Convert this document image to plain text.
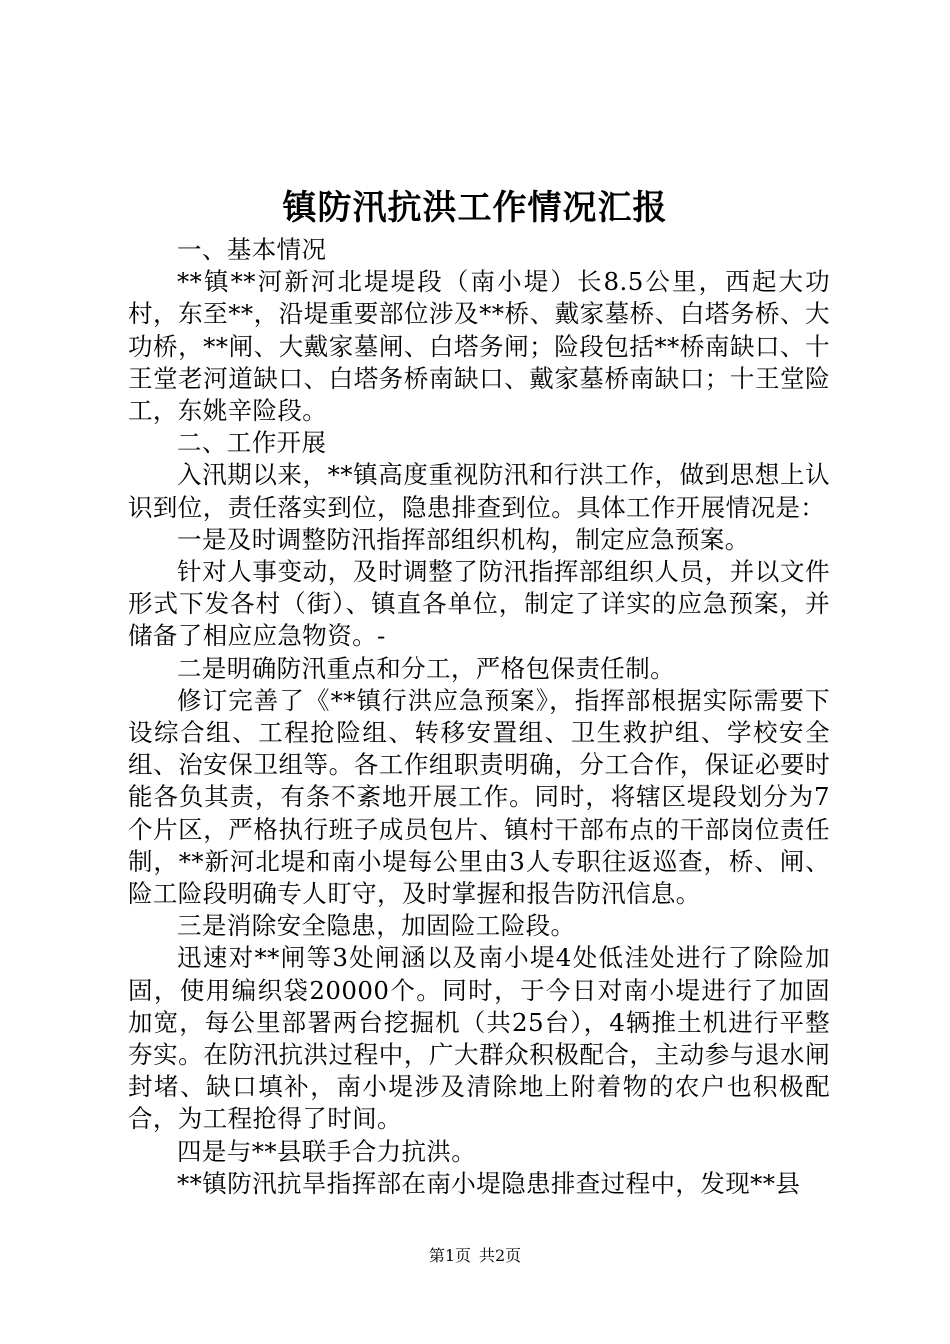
镇防汛抗洪工作情况汇报

一、基本情况

**镇**河新河北堤堤段（南小堤）长8.5公里，西起大功村，东至**，沿堤重要部位涉及**桥、戴家墓桥、白塔务桥、大功桥，**闸、大戴家墓闸、白塔务闸；险段包括**桥南缺口、十王堂老河道缺口、白塔务桥南缺口、戴家墓桥南缺口；十王堂险工，东姚辛险段。

二、工作开展

入汛期以来，**镇高度重视防汛和行洪工作，做到思想上认识到位，责任落实到位，隐患排查到位。具体工作开展情况是：

一是及时调整防汛指挥部组织机构，制定应急预案。

针对人事变动，及时调整了防汛指挥部组织人员，并以文件形式下发各村（街）、镇直各单位，制定了详实的应急预案，并储备了相应应急物资。-

二是明确防汛重点和分工，严格包保责任制。

修订完善了《**镇行洪应急预案》，指挥部根据实际需要下设综合组、工程抢险组、转移安置组、卫生救护组、学校安全组、治安保卫组等。各工作组职责明确，分工合作，保证必要时能各负其责，有条不紊地开展工作。同时，将辖区堤段划分为7个片区，严格执行班子成员包片、镇村干部布点的干部岗位责任制，**新河北堤和南小堤每公里由3人专职往返巡查，桥、闸、险工险段明确专人盯守，及时掌握和报告防汛信息。

三是消除安全隐患，加固险工险段。

迅速对**闸等3处闸涵以及南小堤4处低洼处进行了除险加固，使用编织袋20000个。同时，于今日对南小堤进行了加固加宽，每公里部署两台挖掘机（共25台），4辆推土机进行平整夯实。在防汛抗洪过程中，广大群众积极配合，主动参与退水闸封堵、缺口填补，南小堤涉及清除地上附着物的农户也积极配合，为工程抢得了时间。

四是与**县联手合力抗洪。

**镇防汛抗旱指挥部在南小堤隐患排查过程中，发现**县

第1页 共2页
